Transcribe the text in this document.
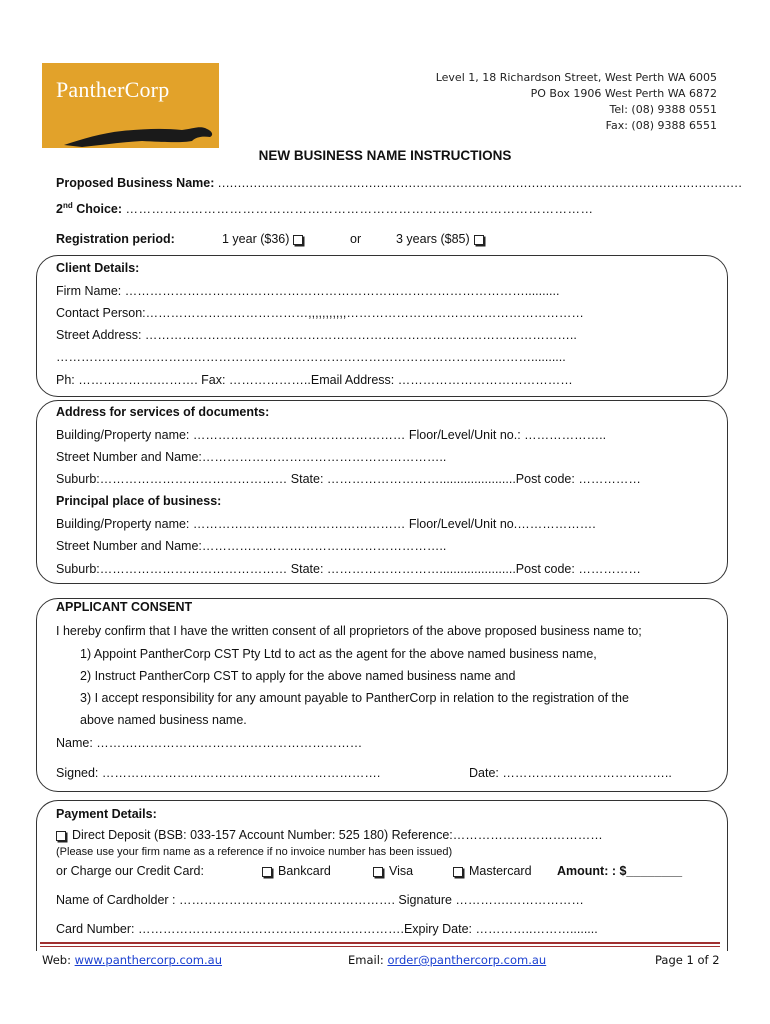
PantherCorp	Level 1, 18 Richardson Street, West Perth WA 6005
PO Box 1906 West Perth WA 6872
Tel: (08) 9388 0551
Fax: (08) 9388 6551
NEW BUSINESS NAME INSTRUCTIONS
Proposed Business Name: ....................................................................................................................................
2nd Choice: ………………………………………………………………………………………………
Registration period:	1 year ($36)	or	3 years ($85)
Client Details:
Firm Name: ……………………………………………………………………………………..........
Contact Person:…………………………………,,,,,,,,,,,…………………………………………………
Street Address: …………………………………………………………………………………………..
……………………………………………………………………………………………………..........
Ph: ……………….………. Fax: ………………..Email Address: ……………………………………
Address for services of documents:
Building/Property name: …………………………………………… Floor/Level/Unit no.: ………………..
Street Number and Name:…………………………………………………..
Suburb:……………………………………… State: ………………………......................Post code: ……………
Principal place of business:
Building/Property name: …………………………………………… Floor/Level/Unit no.……………….
Street Number and Name:…………………………………………………..
Suburb:……………………………………… State: ………………………......................Post code: ……………
APPLICANT CONSENT
I hereby confirm that I have the written consent of all proprietors of the above proposed business name to;
1) Appoint PantherCorp CST Pty Ltd to act as the agent for the above named business name,
2) Instruct PantherCorp CST to apply for the above named business name and
3) I accept responsibility for any amount payable to PantherCorp in relation to the registration of the
above named business name.
Name: ……….………………………………………………
Signed: ………………………………………………………….	Date: …………………………………..
Payment Details:
Direct Deposit (BSB: 033-157 Account Number: 525 180) Reference:………………………………
(Please use your firm name as a reference if no invoice number has been issued)
or Charge our Credit Card:	Bankcard	Visa	Mastercard Amount: : $________
Name of Cardholder : ……………………………………………. Signature ………….………………
Card Number: ……………………………………………………….Expiry Date: …………..………........
Web: www.panthercorp.com.au	Email: order@panthercorp.com.au	Page 1 of 2
